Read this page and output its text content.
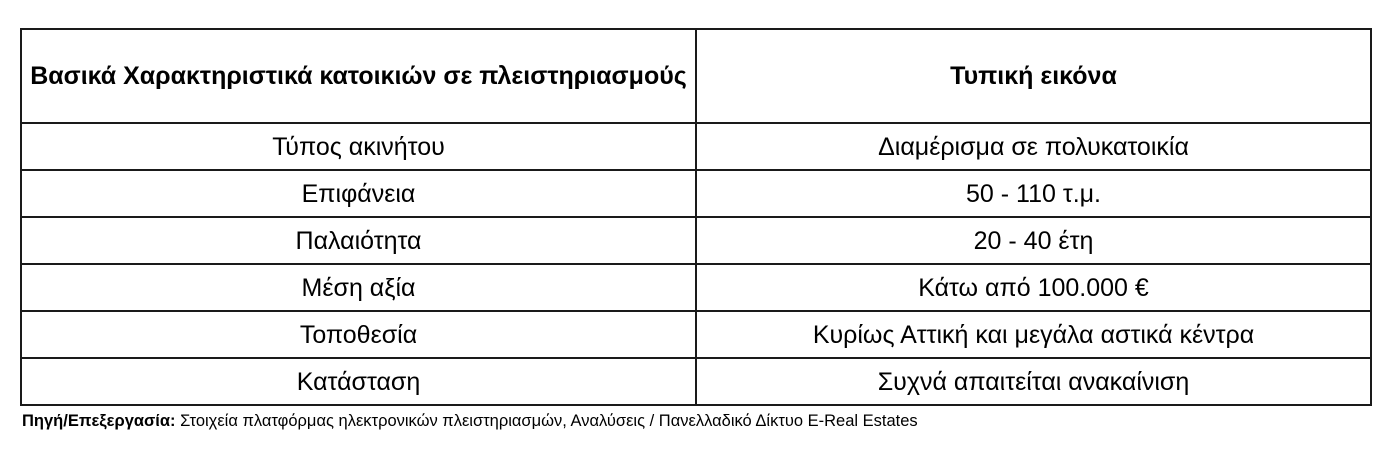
Βασικά Χαρακτηριστικά κατοικιών σε πλειστηριασμούς	Τυπική εικόνα
Τύπος ακινήτου	Διαμέρισμα σε πολυκατοικία
Επιφάνεια	50 - 110 τ.μ.
Παλαιότητα	20 - 40 έτη
Μέση αξία	Κάτω από 100.000 €
Τοποθεσία	Κυρίως Αττική και μεγάλα αστικά κέντρα
Κατάσταση	Συχνά απαιτείται ανακαίνιση
Πηγή/Επεξεργασία: Στοιχεία πλατφόρμας ηλεκτρονικών πλειστηριασμών, Αναλύσεις / Πανελλαδικό Δίκτυο E-Real Estates
